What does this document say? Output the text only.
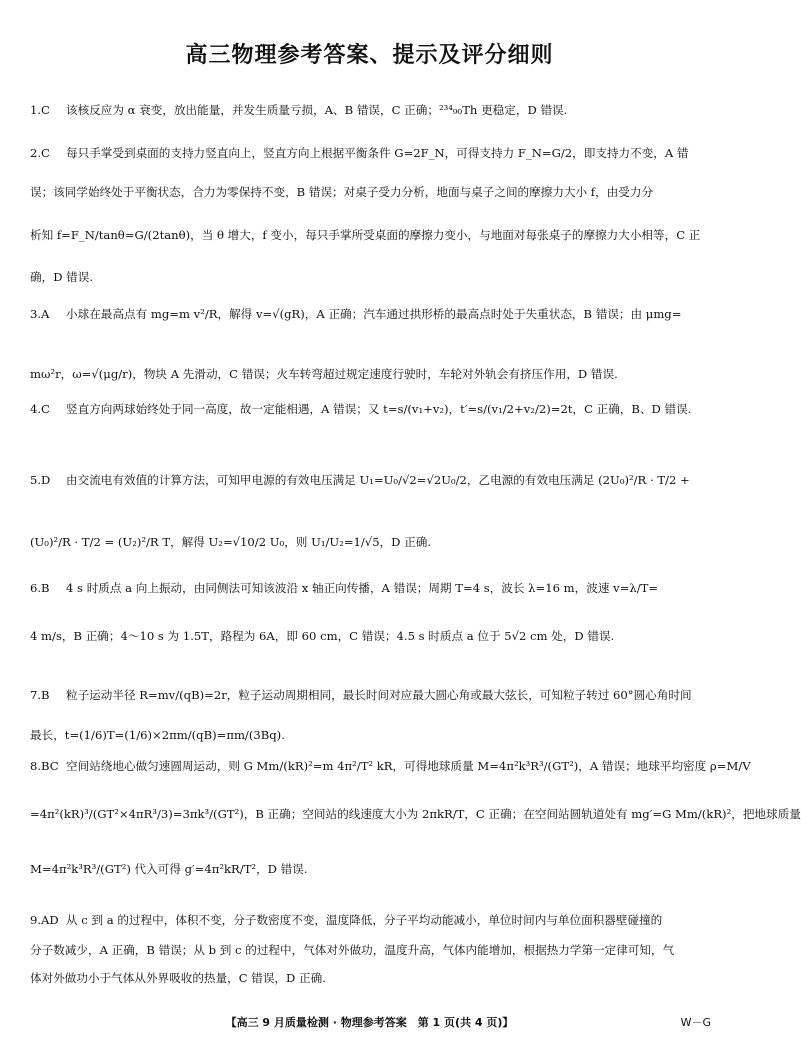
高三物理参考答案、提示及评分细则
1.C 该核反应为 α 衰变，放出能量，并发生质量亏损，A、B 错误，C 正确；²³⁴₉₀Th 更稳定，D 错误.
2.C 每只手掌受到桌面的支持力竖直向上，竖直方向上根据平衡条件 G=2F_N，可得支持力 F_N=G/2，即支持力不变，A 错
误；该同学始终处于平衡状态，合力为零保持不变，B 错误；对桌子受力分析，地面与桌子之间的摩擦力大小 f，由受力分
析知 f=F_N/tanθ=G/(2tanθ)，当 θ 增大，f 变小，每只手掌所受桌面的摩擦力变小，与地面对每张桌子的摩擦力大小相等，C 正
确，D 错误.
3.A 小球在最高点有 mg=m v²/R，解得 v=√(gR)，A 正确；汽车通过拱形桥的最高点时处于失重状态，B 错误；由 μmg=
mω²r，ω=√(μg/r)，物块 A 先滑动，C 错误；火车转弯超过规定速度行驶时，车轮对外轨会有挤压作用，D 错误.
4.C 竖直方向两球始终处于同一高度，故一定能相遇，A 错误；又 t=s/(v₁+v₂)，t′=s/(v₁/2+v₂/2)=2t，C 正确，B、D 错误.
5.D 由交流电有效值的计算方法，可知甲电源的有效电压满足 U₁=U₀/√2=√2U₀/2，乙电源的有效电压满足 (2U₀)²/R · T/2 +
(U₀)²/R · T/2 = (U₂)²/R T，解得 U₂=√10/2 U₀，则 U₁/U₂=1/√5，D 正确.
6.B 4 s 时质点 a 向上振动，由同侧法可知该波沿 x 轴正向传播，A 错误；周期 T=4 s，波长 λ=16 m，波速 v=λ/T=
4 m/s，B 正确；4～10 s 为 1.5T，路程为 6A，即 60 cm，C 错误；4.5 s 时质点 a 位于 5√2 cm 处，D 错误.
7.B 粒子运动半径 R=mv/(qB)=2r，粒子运动周期相同，最长时间对应最大圆心角或最大弦长，可知粒子转过 60°圆心角时间
最长，t=(1/6)T=(1/6)×2πm/(qB)=πm/(3Bq).
8.BC 空间站绕地心做匀速圆周运动，则 G Mm/(kR)²=m 4π²/T² kR，可得地球质量 M=4π²k³R³/(GT²)，A 错误；地球平均密度 ρ=M/V
=4π²(kR)³/(GT²×4πR³/3)=3πk³/(GT²)，B 正确；空间站的线速度大小为 2πkR/T，C 正确；在空间站圆轨道处有 mg′=G Mm/(kR)²，把地球质量
M=4π²k³R³/(GT²) 代入可得 g′=4π²kR/T²，D 错误.
9.AD 从 c 到 a 的过程中，体积不变，分子数密度不变，温度降低，分子平均动能减小，单位时间内与单位面积器壁碰撞的
分子数减少，A 正确，B 错误；从 b 到 c 的过程中，气体对外做功，温度升高，气体内能增加，根据热力学第一定律可知，气
体对外做功小于气体从外界吸收的热量，C 错误，D 正确.
【高三 9 月质量检测 · 物理参考答案　第 1 页(共 4 页)】	W－G
